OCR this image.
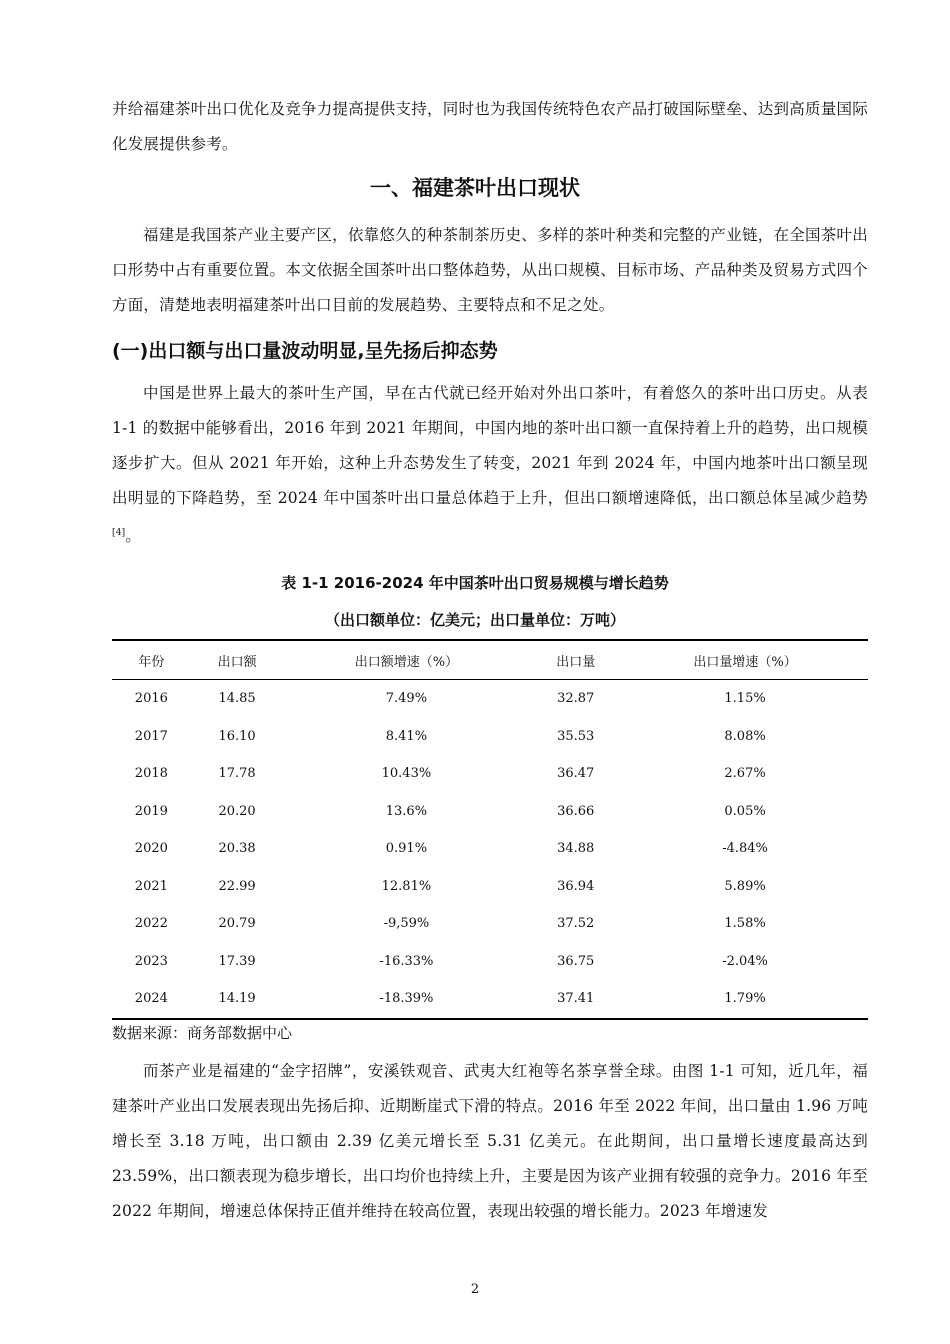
并给福建茶叶出口优化及竞争力提高提供支持，同时也为我国传统特色农产品打破国际壁垒、达到高质量国际化发展提供参考。

一、福建茶叶出口现状

福建是我国茶产业主要产区，依靠悠久的种茶制茶历史、多样的茶叶种类和完整的产业链，在全国茶叶出口形势中占有重要位置。本文依据全国茶叶出口整体趋势，从出口规模、目标市场、产品种类及贸易方式四个方面，清楚地表明福建茶叶出口目前的发展趋势、主要特点和不足之处。

(一)出口额与出口量波动明显,呈先扬后抑态势

中国是世界上最大的茶叶生产国，早在古代就已经开始对外出口茶叶，有着悠久的茶叶出口历史。从表 1-1 的数据中能够看出，2016 年到 2021 年期间，中国内地的茶叶出口额一直保持着上升的趋势，出口规模逐步扩大。但从 2021 年开始，这种上升态势发生了转变，2021 年到 2024 年，中国内地茶叶出口额呈现出明显的下降趋势，至 2024 年中国茶叶出口量总体趋于上升，但出口额增速降低，出口额总体呈减少趋势[4]。

表 1-1 2016-2024 年中国茶叶出口贸易规模与增长趋势

（出口额单位：亿美元；出口量单位：万吨）

年份	出口额	出口额增速（%）	出口量	出口量增速（%）
2016	14.85	7.49%	32.87	1.15%
2017	16.10	8.41%	35.53	8.08%
2018	17.78	10.43%	36.47	2.67%
2019	20.20	13.6%	36.66	0.05%
2020	20.38	0.91%	34.88	-4.84%
2021	22.99	12.81%	36.94	5.89%
2022	20.79	-9,59%	37.52	1.58%
2023	17.39	-16.33%	36.75	-2.04%
2024	14.19	-18.39%	37.41	1.79%

数据来源：商务部数据中心

而茶产业是福建的“金字招牌”，安溪铁观音、武夷大红袍等名茶享誉全球。由图 1-1 可知，近几年，福建茶叶产业出口发展表现出先扬后抑、近期断崖式下滑的特点。2016 年至 2022 年间，出口量由 1.96 万吨增长至 3.18 万吨，出口额由 2.39 亿美元增长至 5.31 亿美元。在此期间，出口量增长速度最高达到 23.59%，出口额表现为稳步增长，出口均价也持续上升，主要是因为该产业拥有较强的竞争力。2016 年至 2022 年期间，增速总体保持正值并维持在较高位置，表现出较强的增长能力。2023 年增速发

2
